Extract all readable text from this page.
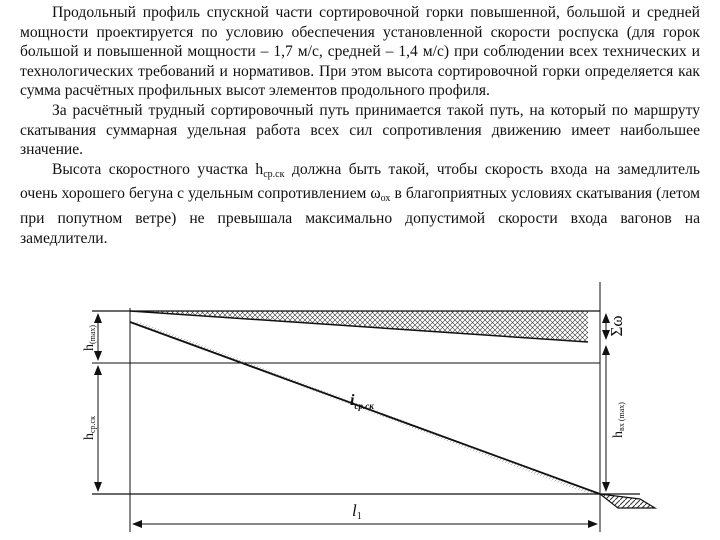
Продольный профиль спускной части сортировочной горки повышенной, большой и средней мощности проектируется по условию обеспечения установленной скорости роспуска (для горок большой и повышенной мощности – 1,7 м/с, средней – 1,4 м/с) при соблюдении всех технических и технологических требований и нормативов. При этом высота сортировочной горки определяется как сумма расчётных профильных высот элементов продольного профиля.

За расчётный трудный сортировочный путь принимается такой путь, на который по маршруту скатывания суммарная удельная работа всех сил сопротивления движению имеет наибольшее значение.

Высота скоростного участка $h_{ср.ск}$ должна быть такой, чтобы скорость входа на замедлитель очень хорошего бегуна с удельным сопротивлением $\omega_{ох}$ в благоприятных условиях скатывания (летом при попутном ветре) не превышала максимально допустимой скорости входа вагонов на замедлители.

h(max)
hср.ск
$i_{ср.ск}$
Σω
hвх (max)
l1
